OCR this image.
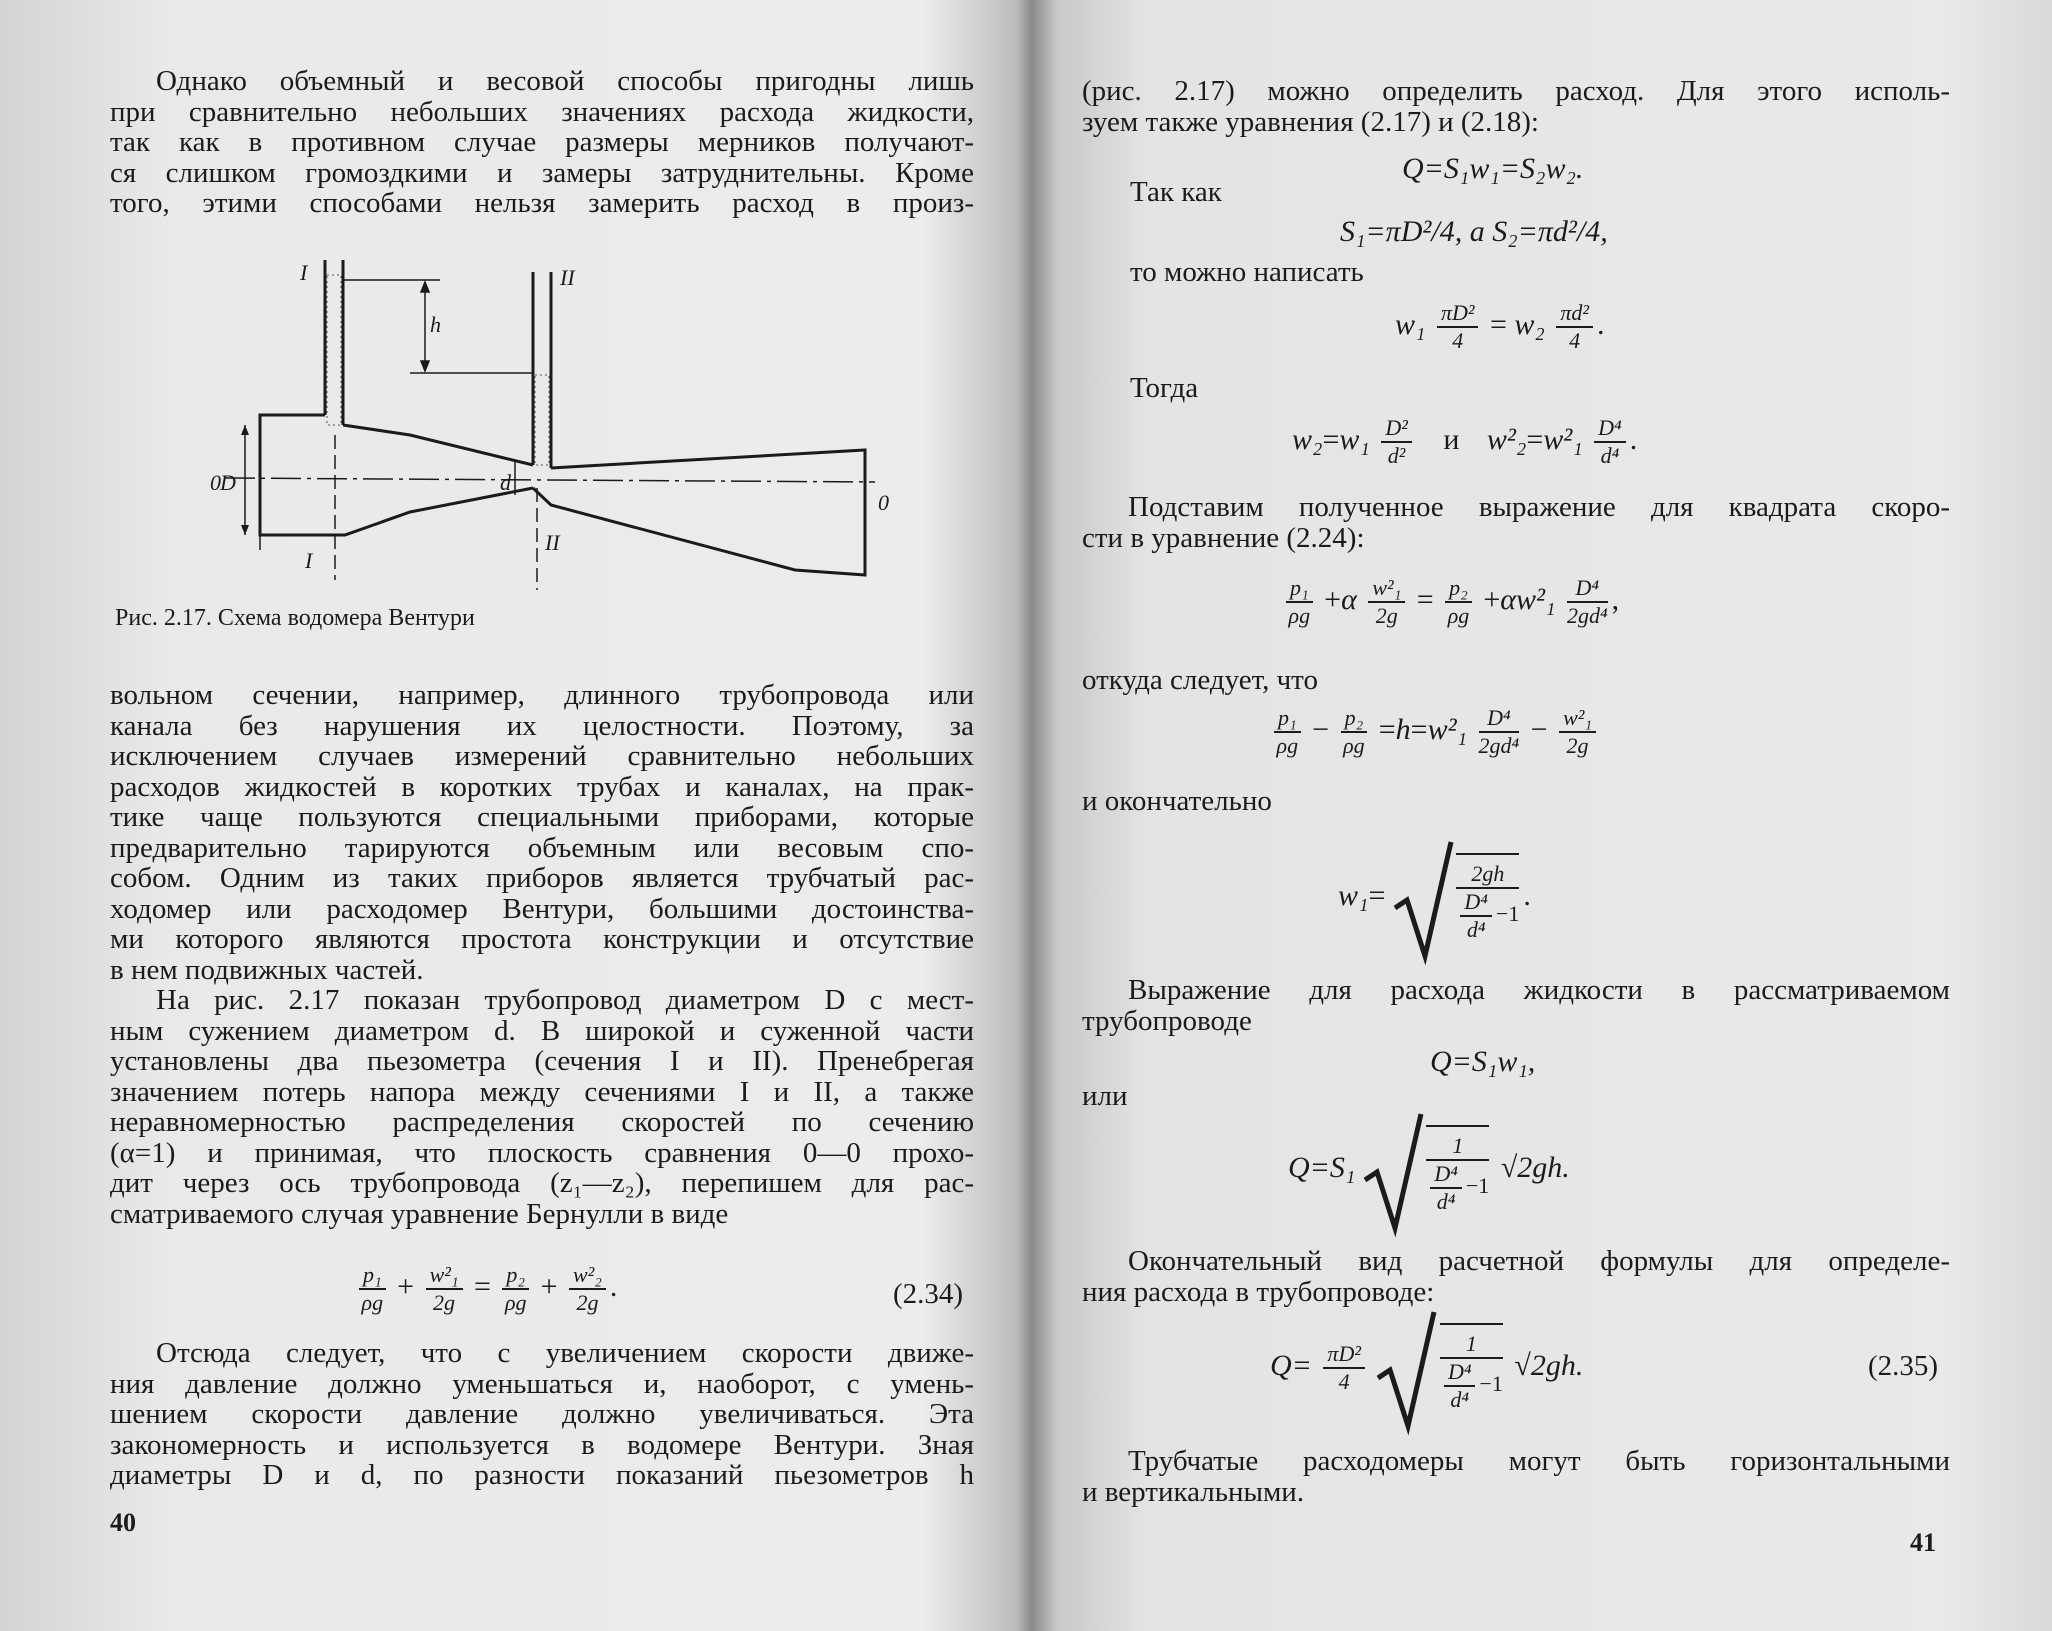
Однако объемный и весовой способы пригодны лишь
при сравнительно небольших значениях расхода жидкости,
так как в противном случае размеры мерников получают-
ся слишком громоздкими и замеры затруднительны. Кроме
того, этими способами нельзя замерить расход в произ-
I	II
h
D	d
0
0
I
II
Рис. 2.17. Схема водомера Вентури
вольном сечении, например, длинного трубопровода или
канала без нарушения их целостности. Поэтому, за
исключением случаев измерений сравнительно небольших
расходов жидкостей в коротких трубах и каналах, на прак-
тике чаще пользуются специальными приборами, которые
предварительно тарируются объемным или весовым спо-
собом. Одним из таких приборов является трубчатый рас-
ходомер или расходомер Вентури, большими достоинства-
ми которого являются простота конструкции и отсутствие
в нем подвижных частей.
На рис. 2.17 показан трубопровод диаметром D с мест-
ным сужением диаметром d. В широкой и суженной части
установлены два пьезометра (сечения I и II). Пренебрегая
значением потерь напора между сечениями I и II, а также
неравномерностью распределения скоростей по сечению
(α=1) и принимая, что плоскость сравнения 0—0 прохо-
дит через ось трубопровода (z₁—z₂), перепишем для рас-
сматриваемого случая уравнение Бернулли в виде
$\frac{\text{p₁}}{\rho g} + \frac{\text{w²₁}}{2g} = \frac{\text{p₂}}{\rho g} + \frac{\text{w²₂}}{2g}$ .	(2.34)
Отсюда следует, что с увеличением скорости движе-
ния давление должно уменьшаться и, наоборот, с умень-
шением скорости давление должно увеличиваться. Эта
закономерность и используется в водомере Вентури. Зная
диаметры D и d, по разности показаний пьезометров h
40
(рис. 2.17) можно определить расход. Для этого исполь-
зуем также уравнения (2.17) и (2.18):
Q=S₁w₁=S₂w₂.
Так как
S₁=πD²/4, а S₂=πd²/4,
то можно написать
$w_1 \frac{\text{πD²}}{4} = w_2 \frac{\text{πd²}}{4}$ .
Тогда
$w_2=w_1 \frac{\text{D²}}{\text{d²}}$ и $w^2_2=w^2_1 \frac{\text{D⁴}}{\text{d⁴}}$ .
Подставим полученное выражение для квадрата скоро-
сти в уравнение (2.24):
$\frac{\text{p₁}}{\rho g} +\alpha \frac{\text{w²₁}}{2g} = \frac{\text{p₂}}{\rho g} +\alpha w^2_1 \frac{\text{D⁴}}{\text{2gd⁴}}$ ,
откуда следует, что
$\frac{\text{p₁}}{\rho g} - \frac{\text{p₂}}{\rho g} =h=w^2_1 \frac{\text{D⁴}}{\text{2gd⁴}} - \frac{\text{w²₁}}{2g}$
и окончательно
w₁=	$\frac{2gh}{\frac{\text{D⁴}}{\text{d⁴}} -1}$ .
Выражение для расхода жидкости в рассматриваемом
трубопроводе
Q=S₁w₁,
или
Q=S₁	$\frac{1}{\frac{\text{D⁴}}{\text{d⁴}} -1} √2gh$.
Окончательный вид расчетной формулы для определе-
ния расхода в трубопроводе:
$Q= \frac{\text{πD²}}{4}$
	$\frac{1}{\frac{\text{D⁴}}{\text{d⁴}} -1} √2gh$.	(2.35)
Трубчатые расходомеры могут быть горизонтальными
и вертикальными.
41
